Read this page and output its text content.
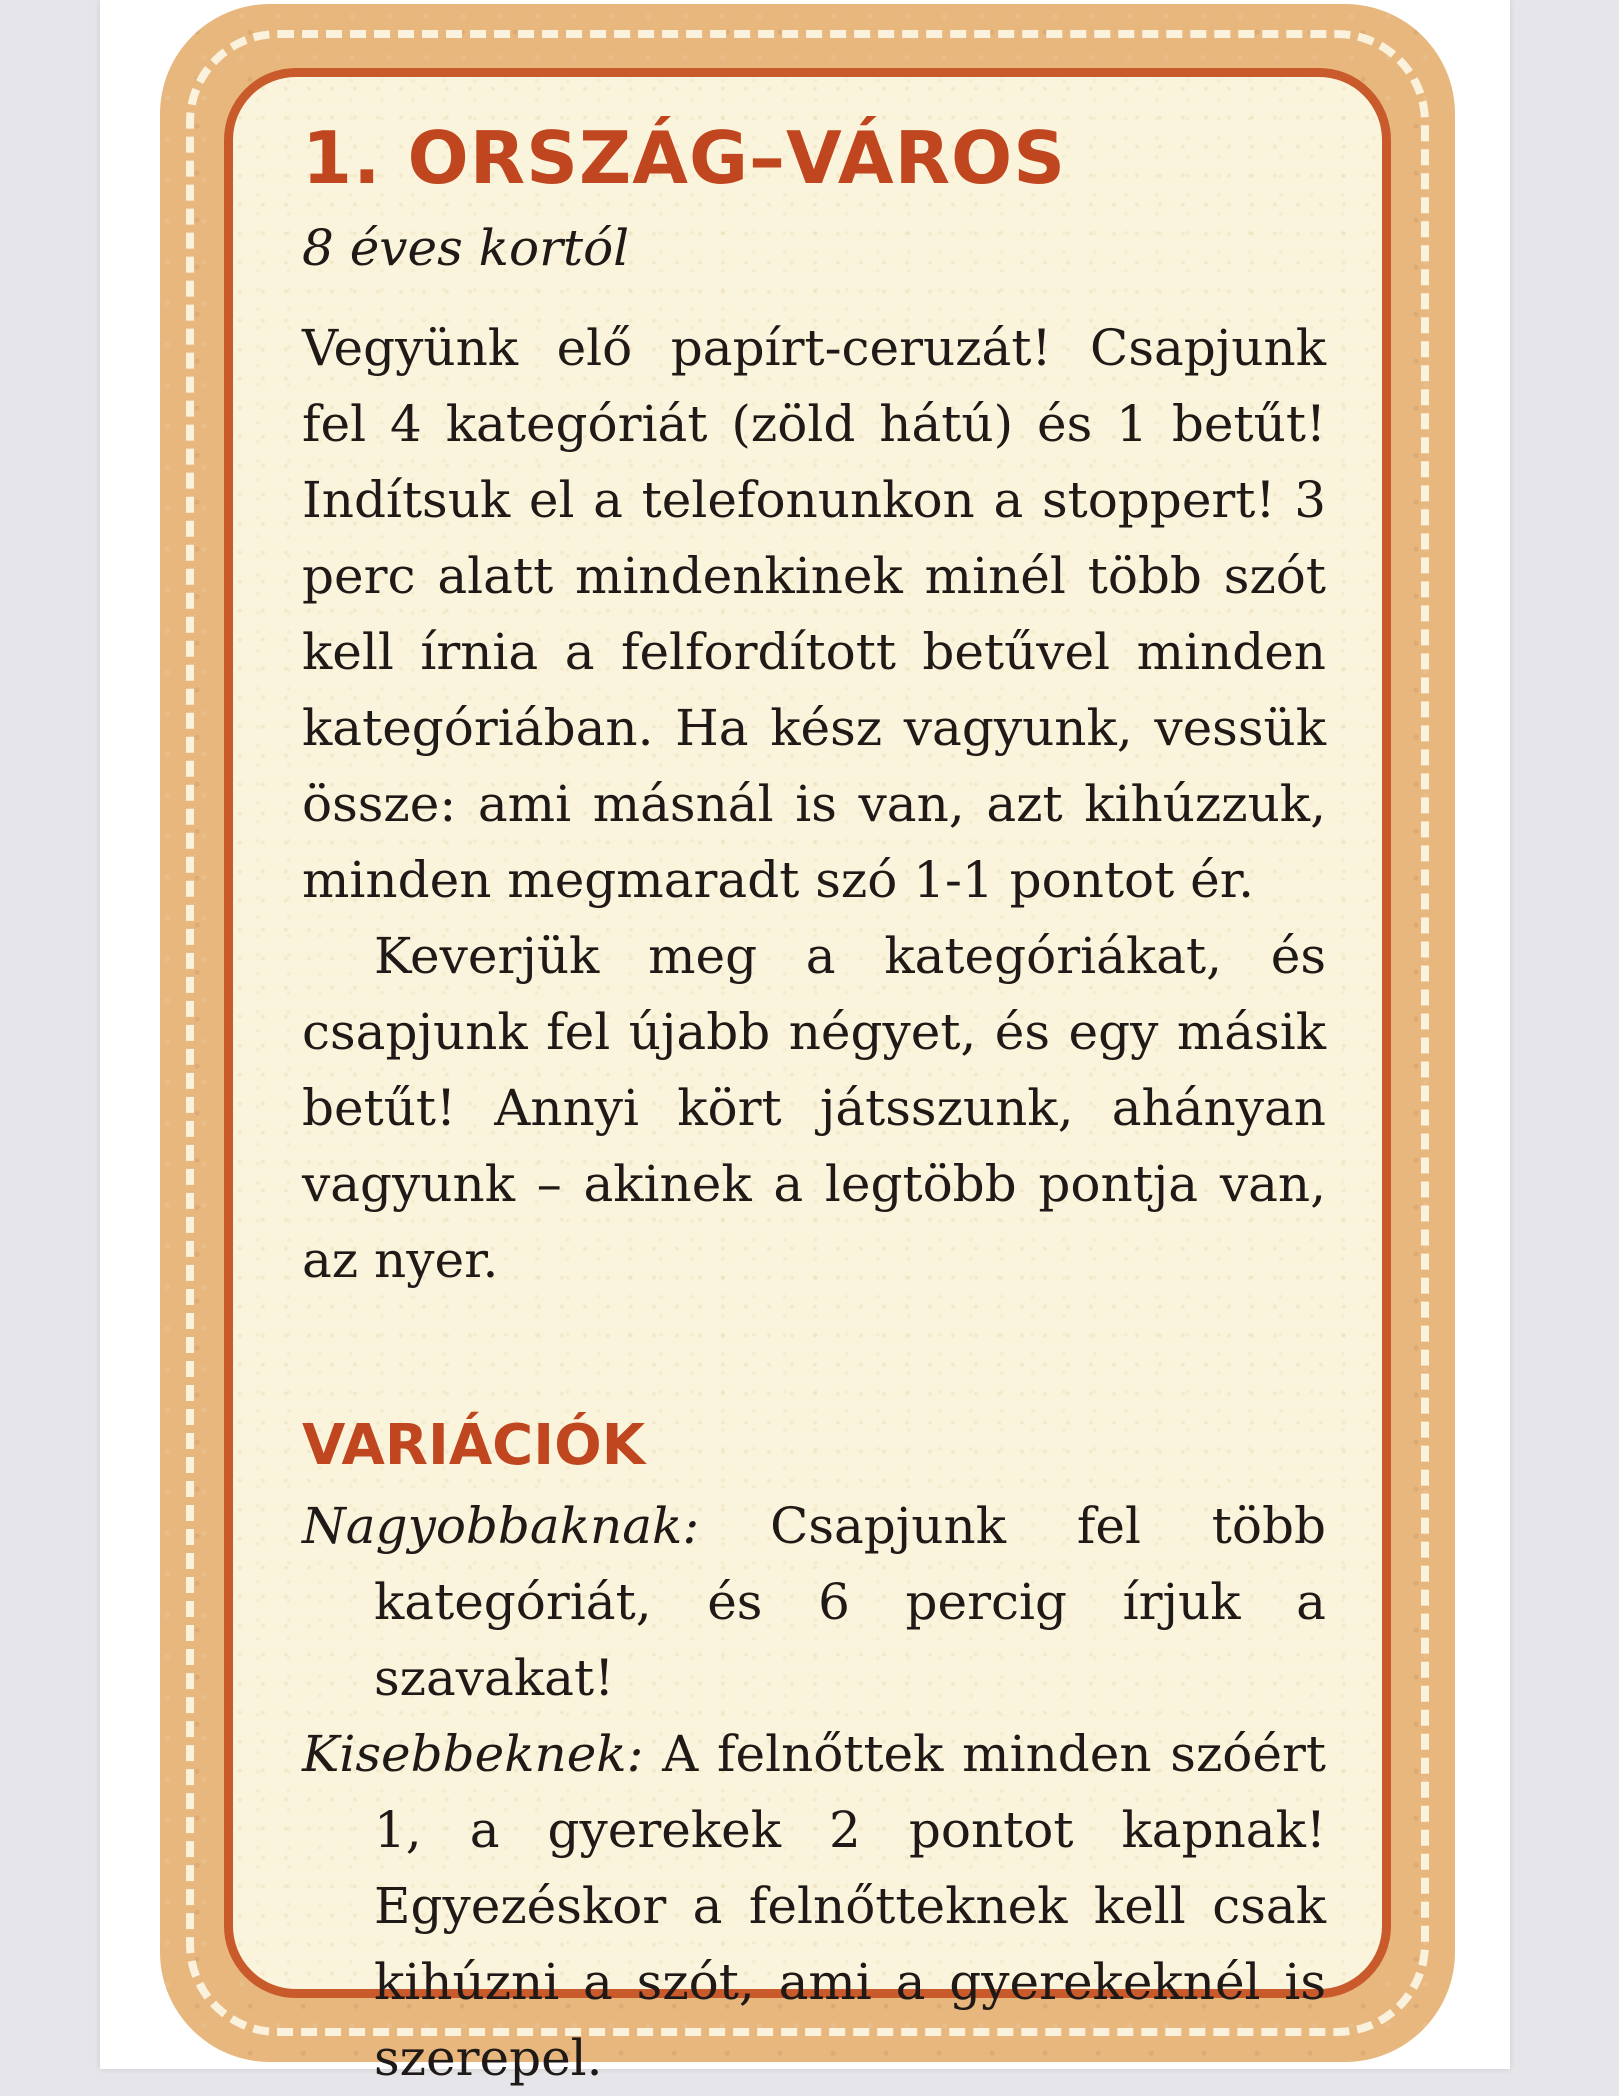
1. ORSZÁG–VÁROS

8 éves kortól

Vegyünk elő papírt-ceruzát! Csapjunk fel 4 kategóriát (zöld hátú) és 1 betűt! Indítsuk el a telefonunkon a stoppert! 3 perc alatt mindenkinek minél több szót kell írnia a felfordított betűvel minden kategóriában. Ha kész vagyunk, vessük össze: ami másnál is van, azt kihúzzuk, minden megmaradt szó 1-1 pontot ér.

Keverjük meg a kategóriákat, és csapjunk fel újabb négyet, és egy másik betűt! Annyi kört játsszunk, ahányan vagyunk – akinek a legtöbb pontja van, az nyer.

VARIÁCIÓK

Nagyobbaknak: Csapjunk fel több kategóriát, és 6 percig írjuk a szavakat!

Kisebbeknek: A felnőttek minden szóért 1, a gyerekek 2 pontot kapnak! Egyezéskor a felnőtteknek kell csak kihúzni a szót, ami a gyerekeknél is szerepel.
